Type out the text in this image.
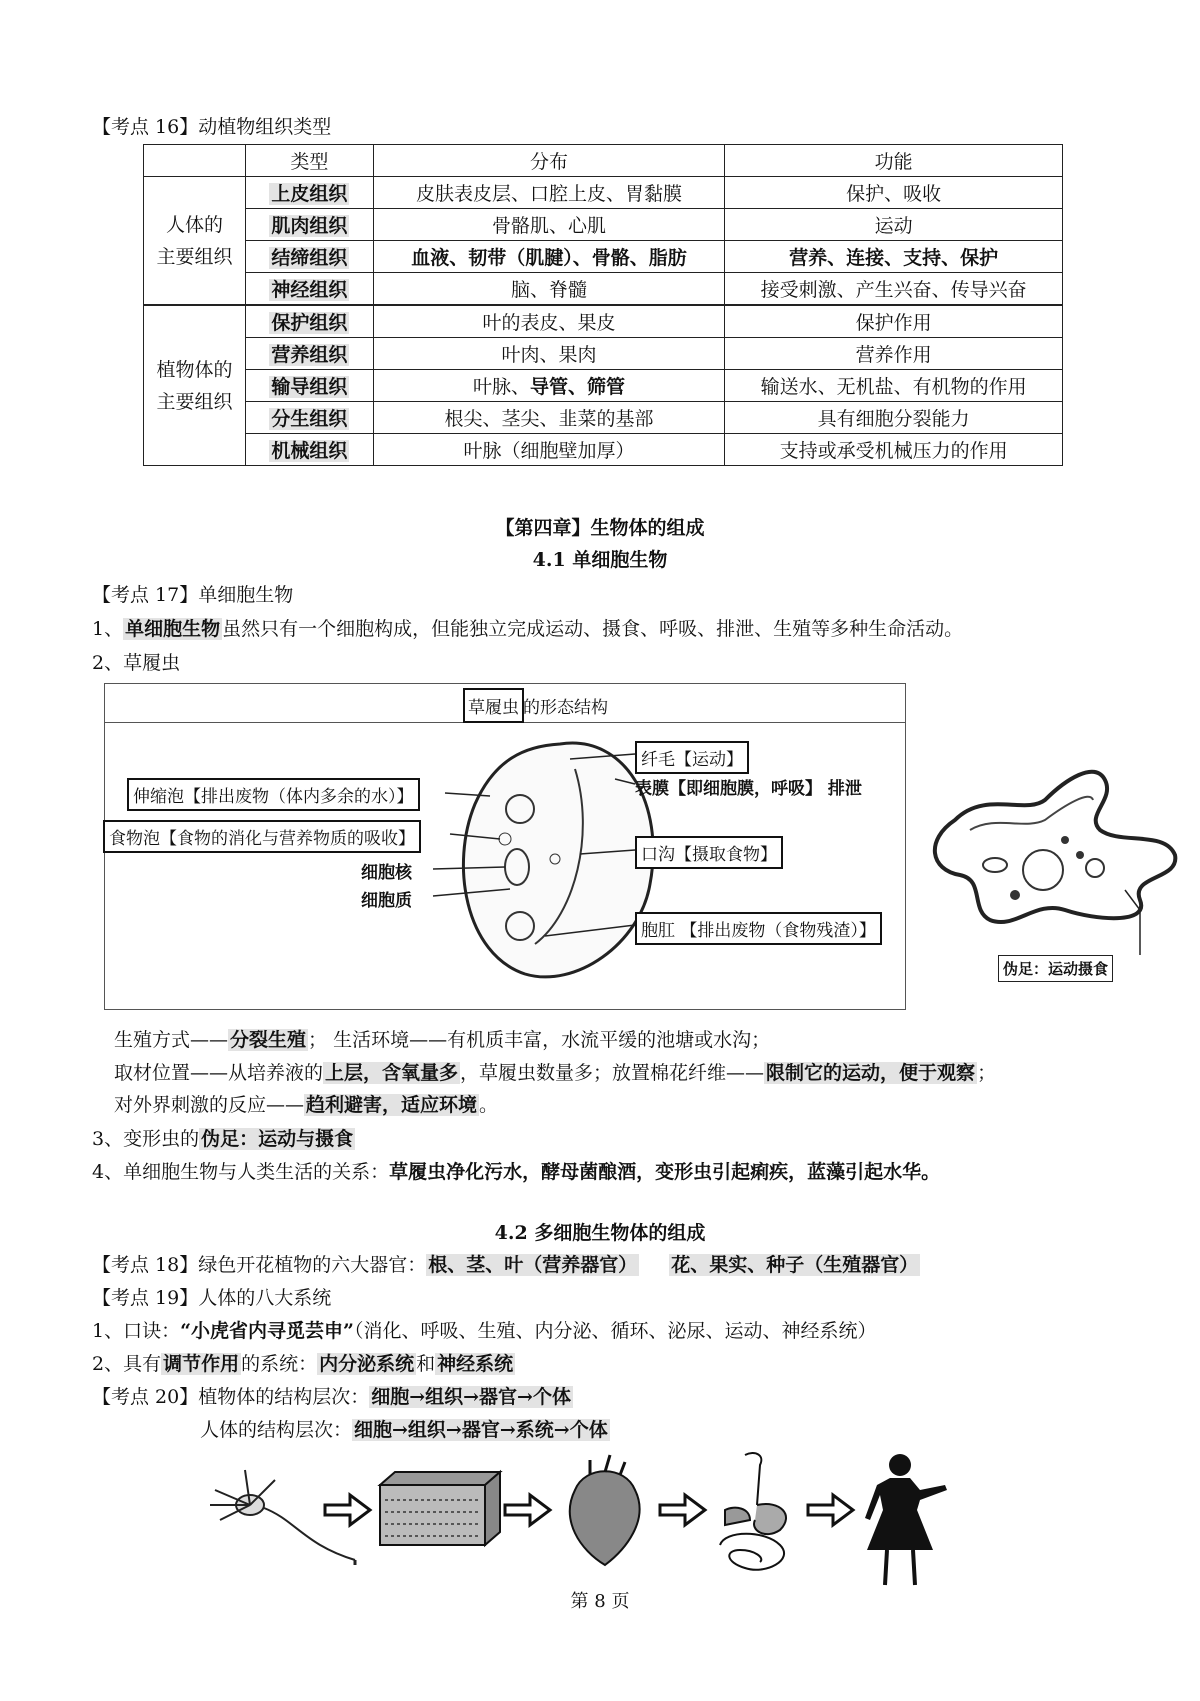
【考点 16】动植物组织类型
	类型	分布	功能
人体的
主要组织	上皮组织	皮肤表皮层、口腔上皮、胃黏膜	保护、吸收
	肌肉组织	骨骼肌、心肌	运动
	结缔组织	血液、韧带（肌腱）、骨骼、脂肪	营养、连接、支持、保护
	神经组织	脑、脊髓	接受刺激、产生兴奋、传导兴奋
植物体的
主要组织	保护组织	叶的表皮、果皮	保护作用
	营养组织	叶肉、果肉	营养作用
	输导组织	叶脉、导管、筛管	输送水、无机盐、有机物的作用
	分生组织	根尖、茎尖、韭菜的基部	具有细胞分裂能力
	机械组织	叶脉（细胞壁加厚）	支持或承受机械压力的作用
【第四章】生物体的组成
4.1 单细胞生物
【考点 17】单细胞生物
1、 单细胞生物 虽然只有一个细胞构成，但能独立完成运动、摄食、呼吸、排泄、生殖等多种生命活动。
2、草履虫
草履虫 的形态结构
纤毛【运动】
表膜【即细胞膜，呼吸】 排泄
伸缩泡【排出废物（体内多余的水）】
食物泡【食物的消化与营养物质的吸收】
细胞核
细胞质
口沟【摄取食物】
胞肛 【排出废物（食物残渣）】
伪足：运动摄食
生殖方式—— 分裂生殖 ； 生活环境——有机质丰富，水流平缓的池塘或水沟；
取材位置——从培养液的 上层，含氧量多 ，草履虫数量多；放置棉花纤维—— 限制它的运动，便于观察 ；
对外界刺激的反应—— 趋利避害，适应环境 。
3、变形虫的 伪足：运动与摄食
4、单细胞生物与人类生活的关系：草履虫净化污水，酵母菌酿酒，变形虫引起痢疾，蓝藻引起水华。
4.2 多细胞生物体的组成
【考点 18】绿色开花植物的六大器官： 根、茎、叶（营养器官） 花、果实、种子（生殖器官）
【考点 19】人体的八大系统
1、口诀：“小虎省内寻觅芸申”（消化、呼吸、生殖、内分泌、循环、泌尿、运动、神经系统）
2、具有 调节作用 的系统： 内分泌系统 和 神经系统
【考点 20】植物体的结构层次： 细胞→组织→器官→个体
人体的结构层次： 细胞→组织→器官→系统→个体
第 8 页
